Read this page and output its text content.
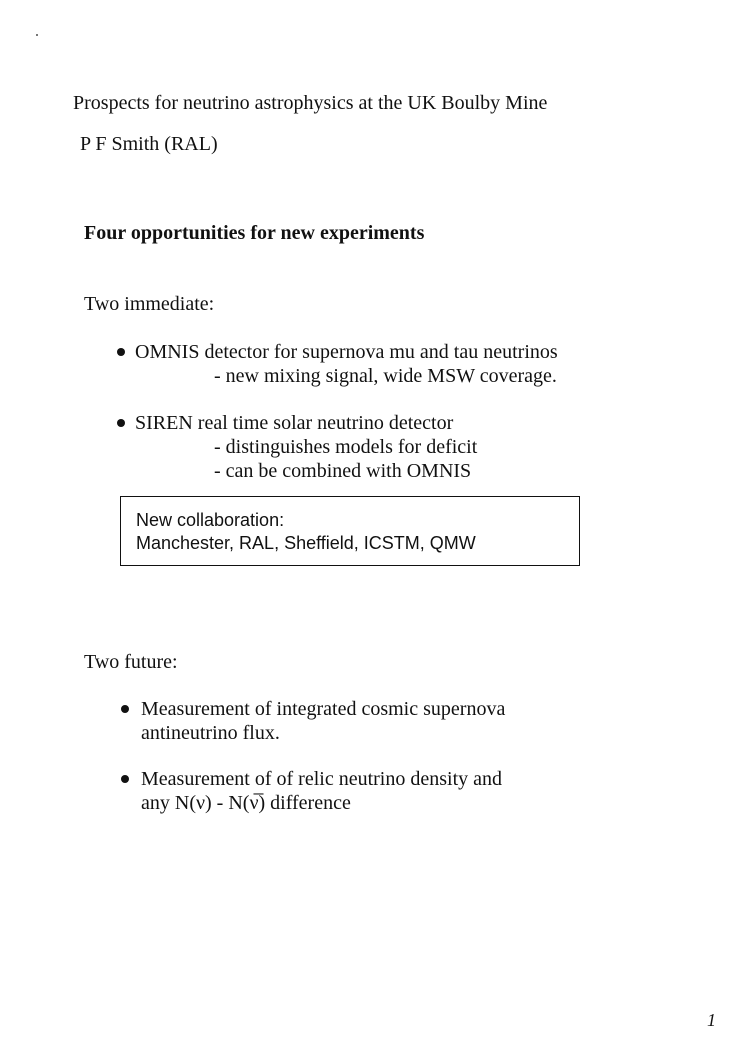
Prospects for neutrino astrophysics at the UK Boulby Mine
P F Smith (RAL)
Four opportunities for new experiments
Two immediate:
OMNIS detector for supernova mu and tau neutrinos
- new mixing signal, wide MSW coverage.
SIREN real time solar neutrino detector
- distinguishes models for deficit
- can be combined with OMNIS
New collaboration:
Manchester, RAL, Sheffield, ICSTM, QMW
Two future:
Measurement of integrated cosmic supernova
antineutrino flux.
Measurement of of relic neutrino density and
any N(ν) - N(ν̅) difference
1
